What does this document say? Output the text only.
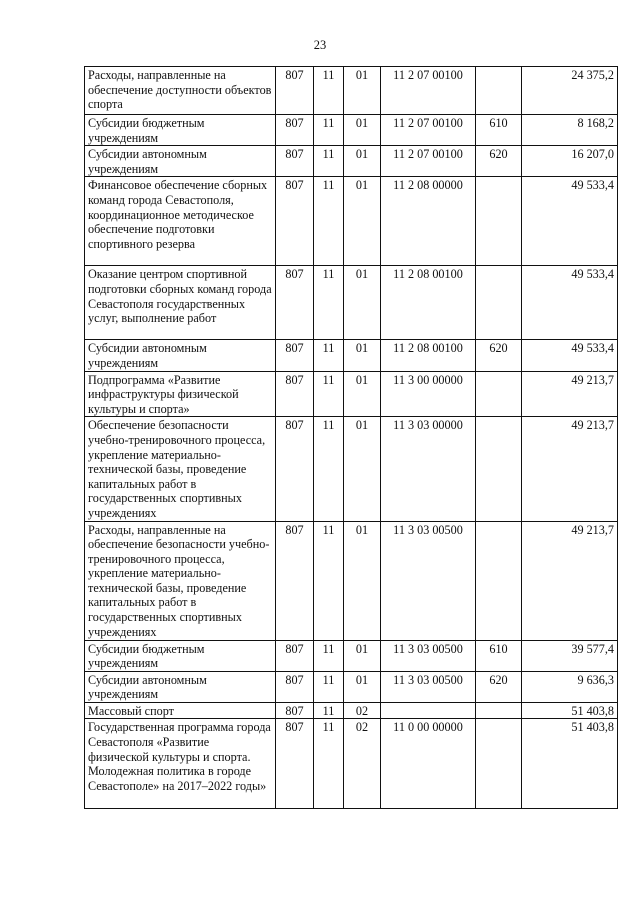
23
Расходы, направленные на обеспечение доступности объектов спорта	807	11	01	11 2 07 00100		24 375,2
Субсидии бюджетным учреждениям	807	11	01	11 2 07 00100	610	8 168,2
Субсидии автономным учреждениям	807	11	01	11 2 07 00100	620	16 207,0
Финансовое обеспечение сборных команд города Севастополя, координационное методическое обеспечение подготовки спортивного резерва	807	11	01	11 2 08 00000		49 533,4
Оказание центром спортивной подготовки сборных команд города Севастополя государственных услуг, выполнение работ	807	11	01	11 2 08 00100		49 533,4
Субсидии автономным учреждениям	807	11	01	11 2 08 00100	620	49 533,4
Подпрограмма «Развитие инфраструктуры физической культуры и спорта»	807	11	01	11 3 00 00000		49 213,7
Обеспечение безопасности учебно-тренировочного процесса, укрепление материально-технической базы, проведение капитальных работ в государственных спортивных учреждениях	807	11	01	11 3 03 00000		49 213,7
Расходы, направленные на обеспечение безопасности учебно-тренировочного процесса, укрепление материально-технической базы, проведение капитальных работ в государственных спортивных учреждениях	807	11	01	11 3 03 00500		49 213,7
Субсидии бюджетным учреждениям	807	11	01	11 3 03 00500	610	39 577,4
Субсидии автономным учреждениям	807	11	01	11 3 03 00500	620	9 636,3
Массовый спорт	807	11	02			51 403,8
Государственная программа города Севастополя «Развитие физической культуры и спорта. Молодежная политика в городе Севастополе» на 2017–2022 годы»	807	11	02	11 0 00 00000		51 403,8
